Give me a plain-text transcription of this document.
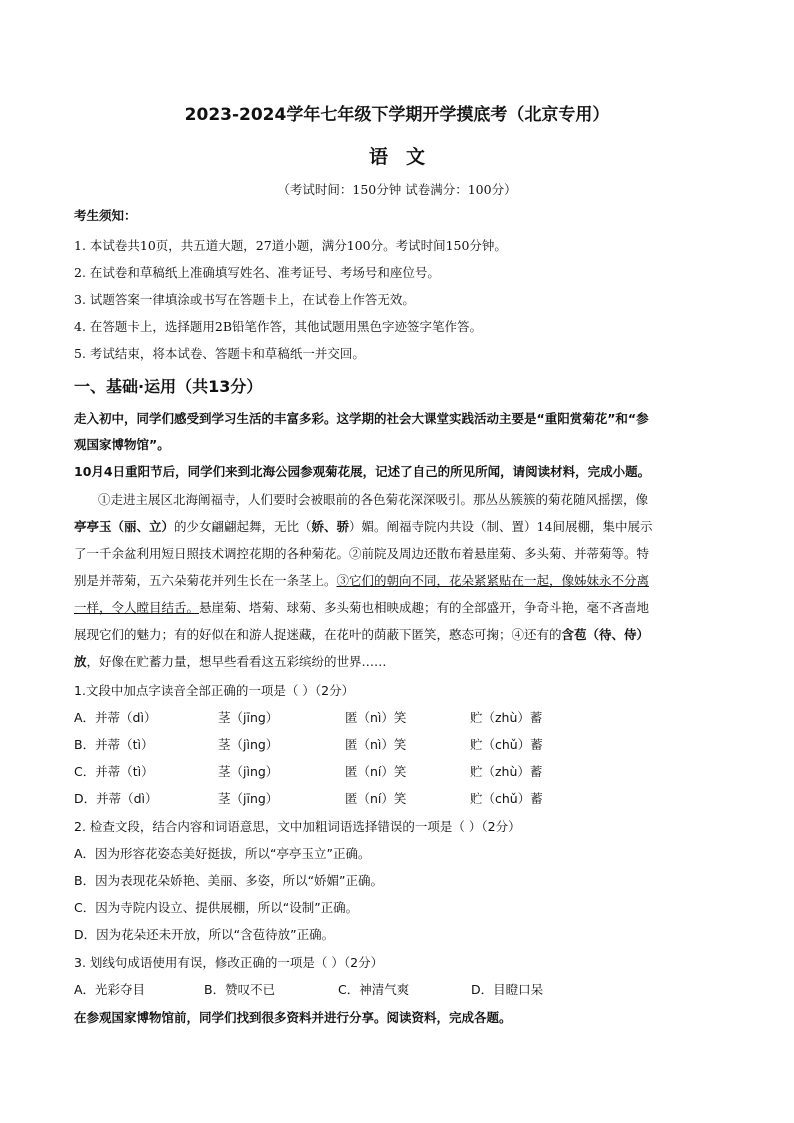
2023-2024学年七年级下学期开学摸底考（北京专用）
语文
（考试时间：150分钟 试卷满分：100分）
考生须知：
1. 本试卷共10页，共五道大题，27道小题，满分100分。考试时间150分钟。
2. 在试卷和草稿纸上准确填写姓名、准考证号、考场号和座位号。
3. 试题答案一律填涂或书写在答题卡上，在试卷上作答无效。
4. 在答题卡上，选择题用2B铅笔作答，其他试题用黑色字迹签字笔作答。
5. 考试结束，将本试卷、答题卡和草稿纸一并交回。
一、基础·运用（共13分）
走入初中，同学们感受到学习生活的丰富多彩。这学期的社会大课堂实践活动主要是“重阳赏菊花”和“参
观国家博物馆”。
10月4日重阳节后，同学们来到北海公园参观菊花展，记述了自己的所见所闻，请阅读材料，完成小题。
①走进主展区北海阐福寺，人们要时会被眼前的各色菊花深深吸引。那丛丛簇簇的菊花随风摇摆，像
亭亭玉（丽、立）的少女翩翩起舞，无比（娇、骄）媚。阐福寺院内共设（制、置）14间展棚，集中展示
了一千余盆利用短日照技术调控花期的各种菊花。②前院及周边还散布着悬崖菊、多头菊、并蒂菊等。特
别是并蒂菊，五六朵菊花并列生长在一条茎上。③它们的朝向不同，花朵紧紧贴在一起，像姊妹永不分离
一样，令人瞠目结舌。悬崖菊、塔菊、球菊、多头菊也相映成趣；有的全部盛开，争奇斗艳，毫不吝啬地
展现它们的魅力；有的好似在和游人捉迷藏，在花叶的荫蔽下匿笑，憨态可掬；④还有的含苞（待、侍）
放，好像在贮蓄力量，想早些看看这五彩缤纷的世界……
1.文段中加点字读音全部正确的一项是（ ）（2分）
A．并蒂（dì）	茎（jīng）	匿（nì）笑	贮（zhù）蓄
B．并蒂（tì）	茎（jìng）	匿（nì）笑	贮（chǔ）蓄
C．并蒂（tì）	茎（jìng）	匿（ní）笑	贮（zhù）蓄
D．并蒂（dì）	茎（jīng）	匿（ní）笑	贮（chǔ）蓄
2. 检查文段，结合内容和词语意思，文中加粗词语选择错误的一项是（ ）（2分）
A．因为形容花姿态美好挺拔，所以“亭亭玉立”正确。
B．因为表现花朵娇艳、美丽、多姿，所以“娇媚”正确。
C．因为寺院内设立、提供展棚，所以“设制”正确。
D．因为花朵还未开放，所以“含苞待放”正确。
3. 划线句成语使用有误，修改正确的一项是（ ）（2分）
A．光彩夺目	B．赞叹不已	C．神清气爽	D．目瞪口呆
在参观国家博物馆前，同学们找到很多资料并进行分享。阅读资料，完成各题。
